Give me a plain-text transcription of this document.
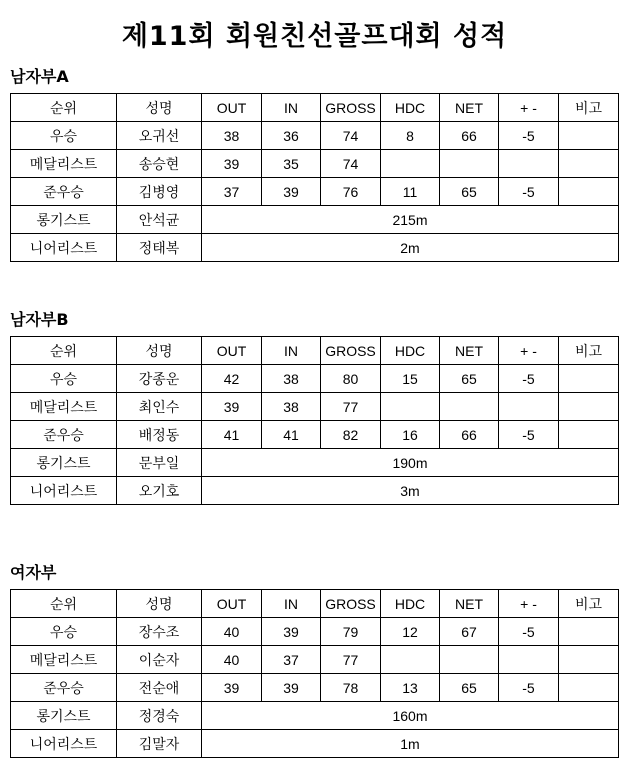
제11회 회원친선골프대회 성적
남자부A
순위	성명	OUT	IN	GROSS	HDC	NET	+ -	비고
우승	오귀선	38	36	74	8	66	-5	
메달리스트	송승현	39	35	74				
준우승	김병영	37	39	76	11	65	-5	
롱기스트	안석균	215m						
니어리스트	정태복	2m						
남자부B
순위	성명	OUT	IN	GROSS	HDC	NET	+ -	비고
우승	강종운	42	38	80	15	65	-5	
메달리스트	최인수	39	38	77				
준우승	배정동	41	41	82	16	66	-5	
롱기스트	문부일	190m						
니어리스트	오기호	3m						
여자부
순위	성명	OUT	IN	GROSS	HDC	NET	+ -	비고
우승	장수조	40	39	79	12	67	-5	
메달리스트	이순자	40	37	77				
준우승	전순애	39	39	78	13	65	-5	
롱기스트	정경숙	160m						
니어리스트	김말자	1m						
